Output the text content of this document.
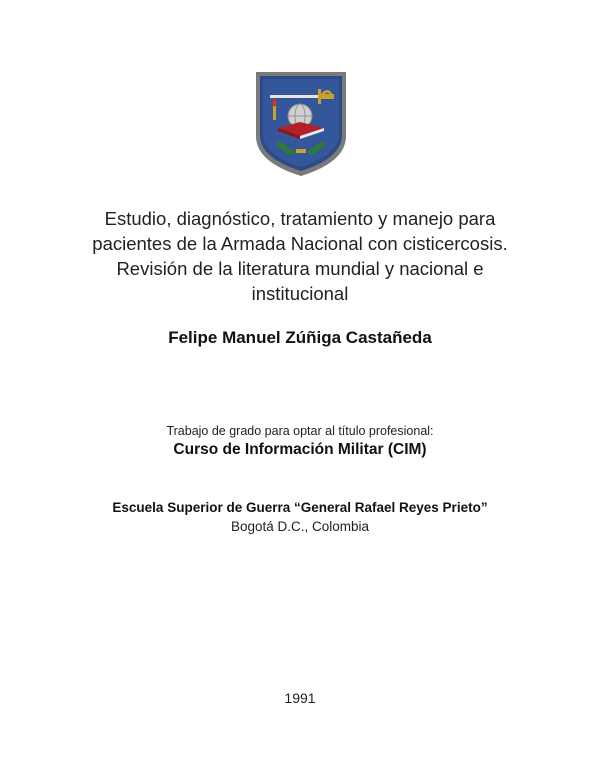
Estudio, diagnóstico, tratamiento y manejo para
pacientes de la Armada Nacional con cisticercosis.
Revisión de la literatura mundial y nacional e
institucional
Felipe Manuel Zúñiga Castañeda
Trabajo de grado para optar al título profesional:
Curso de Información Militar (CIM)
Escuela Superior de Guerra “General Rafael Reyes Prieto”
Bogotá D.C., Colombia
1991
